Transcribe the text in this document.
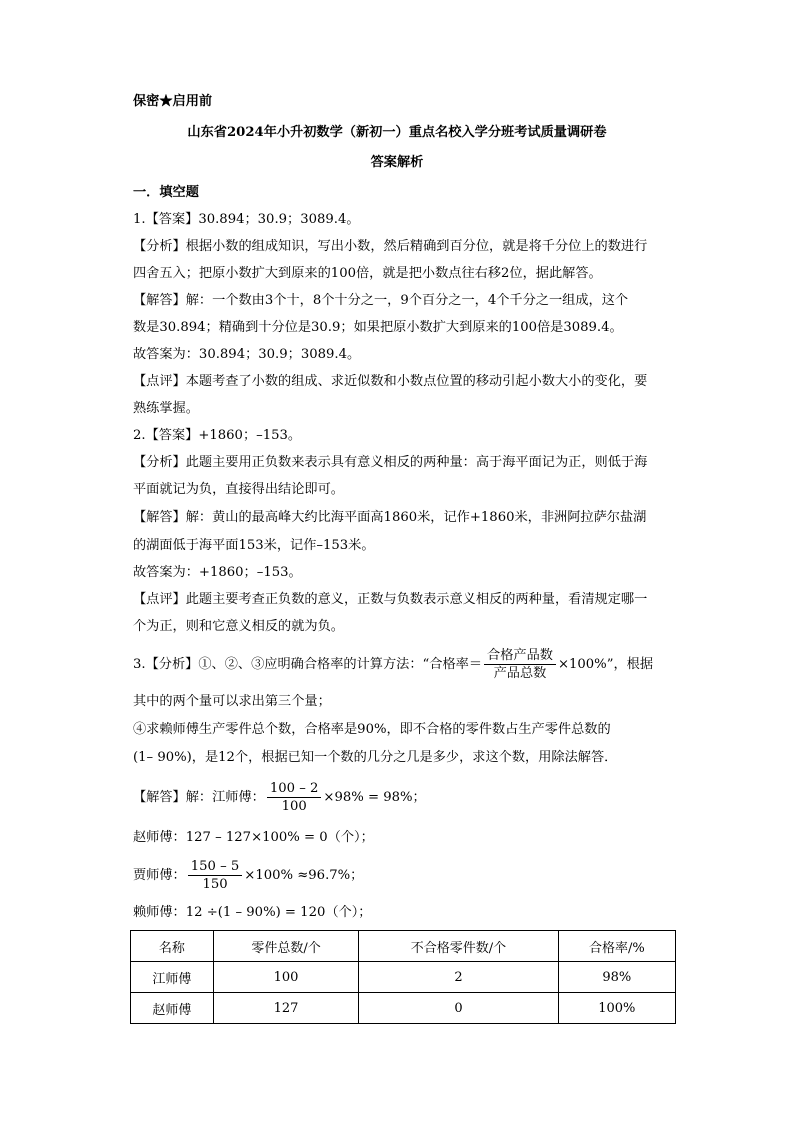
保密★启用前
山东省2024年小升初数学（新初一）重点名校入学分班考试质量调研卷
答案解析
一．填空题
1.【答案】30.894；30.9；3089.4。
【分析】根据小数的组成知识，写出小数，然后精确到百分位，就是将千分位上的数进行
四舍五入；把原小数扩大到原来的100倍，就是把小数点往右移2位，据此解答。
【解答】解：一个数由3个十，8个十分之一，9个百分之一，4个千分之一组成，这个
数是30.894；精确到十分位是30.9；如果把原小数扩大到原来的100倍是3089.4。
故答案为：30.894；30.9；3089.4。
【点评】本题考查了小数的组成、求近似数和小数点位置的移动引起小数大小的变化，要
熟练掌握。
2.【答案】+1860；–153。
【分析】此题主要用正负数来表示具有意义相反的两种量：高于海平面记为正，则低于海
平面就记为负，直接得出结论即可。
【解答】解：黄山的最高峰大约比海平面高1860米，记作+1860米，非洲阿拉萨尔盐湖
的湖面低于海平面153米，记作–153米。
故答案为：+1860；–153。
【点评】此题主要考查正负数的意义，正数与负数表示意义相反的两种量，看清规定哪一
个为正，则和它意义相反的就为负。
3.【分析】①、②、③应明确合格率的计算方法：“合格率＝ $\frac{\text{合格产品数}}{\text{产品总数}} \times 100\%$”，根据
其中的两个量可以求出第三个量；
④求赖师傅生产零件总个数，合格率是90%，即不合格的零件数占生产零件总数的
(1– 90%)，是12个，根据已知一个数的几分之几是多少，求这个数，用除法解答．
【解答】解：江师傅： $\frac{100 - 2}{100} \times 98\% = 98\%$；
赵师傅：127 – 127×100% = 0（个）；
贾师傅： $\frac{150 - 5}{150} \times 100\% \approx 96.7\%$；
赖师傅：12 ÷(1 – 90%) = 120（个）；
名称	零件总数/个	不合格零件数/个	合格率/%
江师傅	100	2	98%
赵师傅	127	0	100%
